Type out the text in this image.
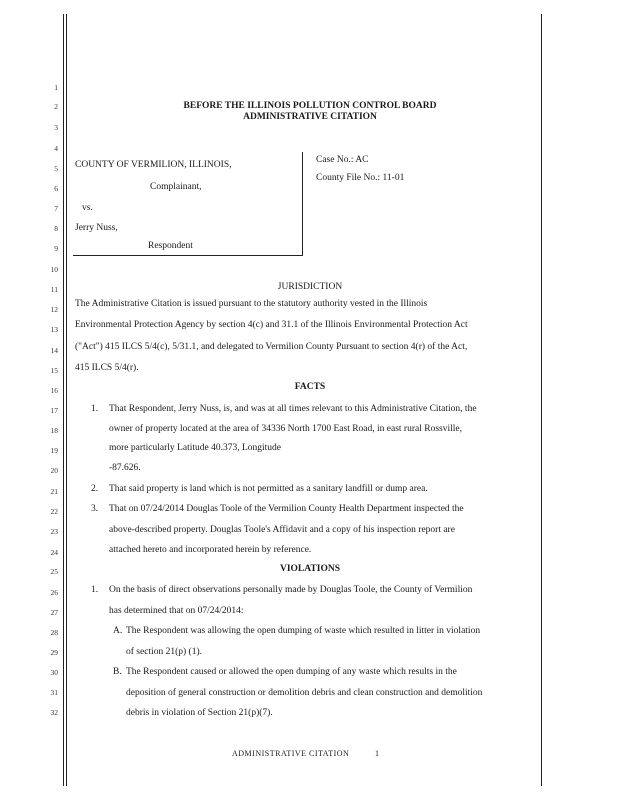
1
2
3
4
5
6
7
8
9
10
11
12
13
14
15
16
17
18
19
20
21
22
23
24
25
26
27
28
29
30
31
32
BEFORE THE ILLINOIS POLLUTION CONTROL BOARD
ADMINISTRATIVE CITATION
COUNTY OF VERMILION, ILLINOIS,
Complainant,
vs.
Jerry Nuss,
Respondent
Case No.: AC
County File No.: 11-01
JURISDICTION
The Administrative Citation is issued pursuant to the statutory authority vested in the Illinois
Environmental Protection Agency by section 4(c) and 31.1 of the Illinois Environmental Protection Act
("Act") 415 ILCS 5/4(c), 5/31.1, and delegated to Vermilion County Pursuant to section 4(r) of the Act,
415 ILCS 5/4(r).
FACTS
1. That Respondent, Jerry Nuss, is, and was at all times relevant to this Administrative Citation, the
owner of property located at the area of 34336 North 1700 East Road, in east rural Rossville,
more particularly Latitude 40.373, Longitude
-87.626.
2. That said property is land which is not permitted as a sanitary landfill or dump area.
3. That on 07/24/2014 Douglas Toole of the Vermilion County Health Department inspected the
above-described property. Douglas Toole's Affidavit and a copy of his inspection report are
attached hereto and incorporated herein by reference.
VIOLATIONS
1. On the basis of direct observations personally made by Douglas Toole, the County of Vermilion
has determined that on 07/24/2014:
A. The Respondent was allowing the open dumping of waste which resulted in litter in violation
of section 21(p) (1).
B. The Respondent caused or allowed the open dumping of any waste which results in the
deposition of general construction or demolition debris and clean construction and demolition
debris in violation of Section 21(p)(7).
ADMINISTRATIVE CITATION	1
